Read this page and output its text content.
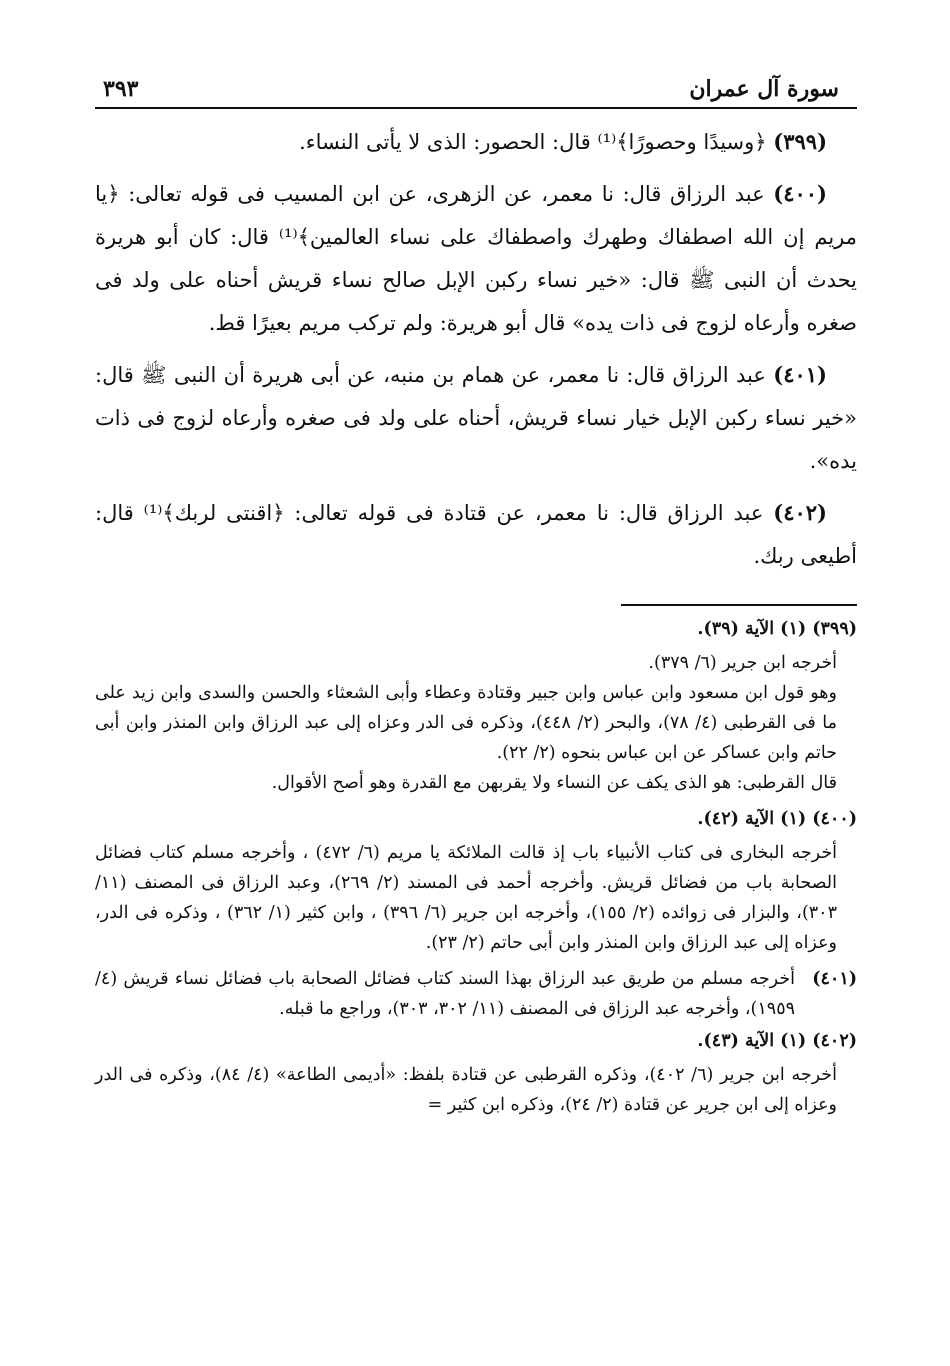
سورة آل عمران
٣٩٣

(٣٩٩) ﴿وسيدًا وحصورًا﴾⁽¹⁾ قال: الحصور: الذى لا يأتى النساء.

(٤٠٠) عبد الرزاق قال: نا معمر، عن الزهرى، عن ابن المسيب فى قوله تعالى: ﴿يا مريم إن الله اصطفاك وطهرك واصطفاك على نساء العالمين﴾⁽¹⁾ قال: كان أبو هريرة يحدث أن النبى ﷺ قال: «خير نساء ركبن الإبل صالح نساء قريش أحناه على ولد فى صغره وأرعاه لزوج فى ذات يده» قال أبو هريرة: ولم تركب مريم بعيرًا قط.

(٤٠١) عبد الرزاق قال: نا معمر، عن همام بن منبه، عن أبى هريرة أن النبى ﷺ قال: «خير نساء ركبن الإبل خيار نساء قريش، أحناه على ولد فى صغره وأرعاه لزوج فى ذات يده».

(٤٠٢) عبد الرزاق قال: نا معمر، عن قتادة فى قوله تعالى: ﴿اقنتى لربك﴾⁽¹⁾ قال: أطيعى ربك.

(٣٩٩) (١) الآية (٣٩).

أخرجه ابن جرير (٦/ ٣٧٩).

وهو قول ابن مسعود وابن عباس وابن جبير وقتادة وعطاء وأبى الشعثاء والحسن والسدى وابن زيد على ما فى القرطبى (٤/ ٧٨)، والبحر (٢/ ٤٤٨)، وذكره فى الدر وعزاه إلى عبد الرزاق وابن المنذر وابن أبى حاتم وابن عساكر عن ابن عباس بنحوه (٢/ ٢٢).

قال القرطبى: هو الذى يكف عن النساء ولا يقربهن مع القدرة وهو أصح الأقوال.

(٤٠٠) (١) الآية (٤٢).

أخرجه البخارى فى كتاب الأنبياء باب إذ قالت الملائكة يا مريم (٦/ ٤٧٢) ، وأخرجه مسلم كتاب فضائل الصحابة باب من فضائل قريش. وأخرجه أحمد فى المسند (٢/ ٢٦٩)، وعبد الرزاق فى المصنف (١١/ ٣٠٣)، والبزار فى زوائده (٢/ ١٥٥)، وأخرجه ابن جرير (٦/ ٣٩٦) ، وابن كثير (١/ ٣٦٢) ، وذكره فى الدر، وعزاه إلى عبد الرزاق وابن المنذر وابن أبى حاتم (٢/ ٢٣).

(٤٠١)
أخرجه مسلم من طريق عبد الرزاق بهذا السند كتاب فضائل الصحابة باب فضائل نساء قريش (٤/ ١٩٥٩)، وأخرجه عبد الرزاق فى المصنف (١١/ ٣٠٢، ٣٠٣)، وراجع ما قبله.
(٤٠٢) (١) الآية (٤٣).

أخرجه ابن جرير (٦/ ٤٠٢)، وذكره القرطبى عن قتادة بلفظ: «أديمى الطاعة» (٤/ ٨٤)، وذكره فى الدر وعزاه إلى ابن جرير عن قتادة (٢/ ٢٤)، وذكره ابن كثير =
